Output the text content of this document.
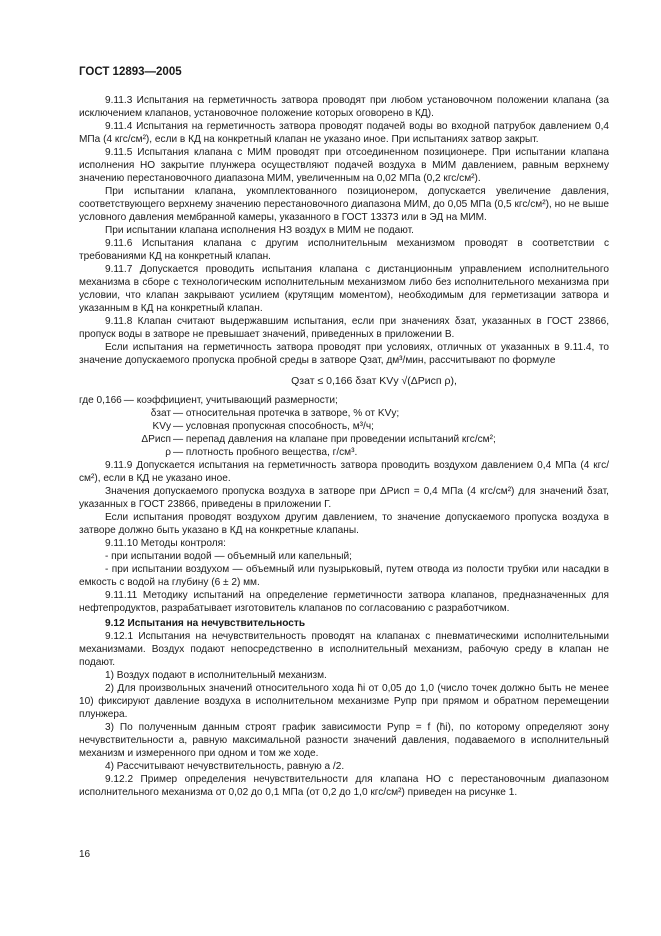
ГОСТ 12893—2005

9.11.3 Испытания на герметичность затвора проводят при любом установочном положении клапана (за исключением клапанов, установочное положение которых оговорено в КД).

9.11.4 Испытания на герметичность затвора проводят подачей воды во входной патрубок давлением 0,4 МПа (4 кгс/см²), если в КД на конкретный клапан не указано иное. При испытаниях затвор закрыт.

9.11.5 Испытания клапана с МИМ проводят при отсоединенном позиционере. При испытании клапана исполнения НО закрытие плунжера осуществляют подачей воздуха в МИМ давлением, равным верхнему значению перестановочного диапазона МИМ, увеличенным на 0,02 МПа (0,2 кгс/см²).

При испытании клапана, укомплектованного позиционером, допускается увеличение давления, соответствующего верхнему значению перестановочного диапазона МИМ, до 0,05 МПа (0,5 кгс/см²), но не выше условного давления мембранной камеры, указанного в ГОСТ 13373 или в ЭД на МИМ.

При испытании клапана исполнения НЗ воздух в МИМ не подают.

9.11.6 Испытания клапана с другим исполнительным механизмом проводят в соответствии с требованиями КД на конкретный клапан.

9.11.7 Допускается проводить испытания клапана с дистанционным управлением исполнительного механизма в сборе с технологическим исполнительным механизмом либо без исполнительного механизма при условии, что клапан закрывают усилием (крутящим моментом), необходимым для герметизации затвора и указанным в КД на конкретный клапан.

9.11.8 Клапан считают выдержавшим испытания, если при значениях δзат, указанных в ГОСТ 23866, пропуск воды в затворе не превышает значений, приведенных в приложении В.

Если испытания на герметичность затвора проводят при условиях, отличных от указанных в 9.11.4, то значение допускаемого пропуска пробной среды в затворе Qзат, дм³/мин, рассчитывают по формуле

Qзат ≤ 0,166 δзат KVу √(ΔPисп ρ),
где 0,166 — коэффициент, учитывающий размерности;
δзат — относительная протечка в затворе, % от KVу;
KVу — условная пропускная способность, м³/ч;
ΔPисп — перепад давления на клапане при проведении испытаний кгс/см²;
ρ — плотность пробного вещества, г/см³.

9.11.9 Допускается испытания на герметичность затвора проводить воздухом давлением 0,4 МПа (4 кгс/см²), если в КД не указано иное.

Значения допускаемого пропуска воздуха в затворе при ΔPисп = 0,4 МПа (4 кгс/см²) для значений δзат, указанных в ГОСТ 23866, приведены в приложении Г.

Если испытания проводят воздухом другим давлением, то значение допускаемого пропуска воздуха в затворе должно быть указано в КД на конкретные клапаны.

9.11.10 Методы контроля:

- при испытании водой — объемный или капельный;

- при испытании воздухом — объемный или пузырьковый, путем отвода из полости трубки или насадки в емкость с водой на глубину (6 ± 2) мм.

9.11.11 Методику испытаний на определение герметичности затвора клапанов, предназначенных для нефтепродуктов, разрабатывает изготовитель клапанов по согласованию с разработчиком.

9.12 Испытания на нечувствительность

9.12.1 Испытания на нечувствительность проводят на клапанах с пневматическими исполнительными механизмами. Воздух подают непосредственно в исполнительный механизм, рабочую среду в клапан не подают.

1) Воздух подают в исполнительный механизм.

2) Для произвольных значений относительного хода h̄i от 0,05 до 1,0 (число точек должно быть не менее 10) фиксируют давление воздуха в исполнительном механизме Pупр при прямом и обратном перемещении плунжера.

3) По полученным данным строят график зависимости Pупр = f (h̄i), по которому определяют зону нечувствительности а, равную максимальной разности значений давления, подаваемого в исполнительный механизм и измеренного при одном и том же ходе.

4) Рассчитывают нечувствительность, равную а /2.

9.12.2 Пример определения нечувствительности для клапана НО с перестановочным диапазоном исполнительного механизма от 0,02 до 0,1 МПа (от 0,2 до 1,0 кгс/см²) приведен на рисунке 1.

16
